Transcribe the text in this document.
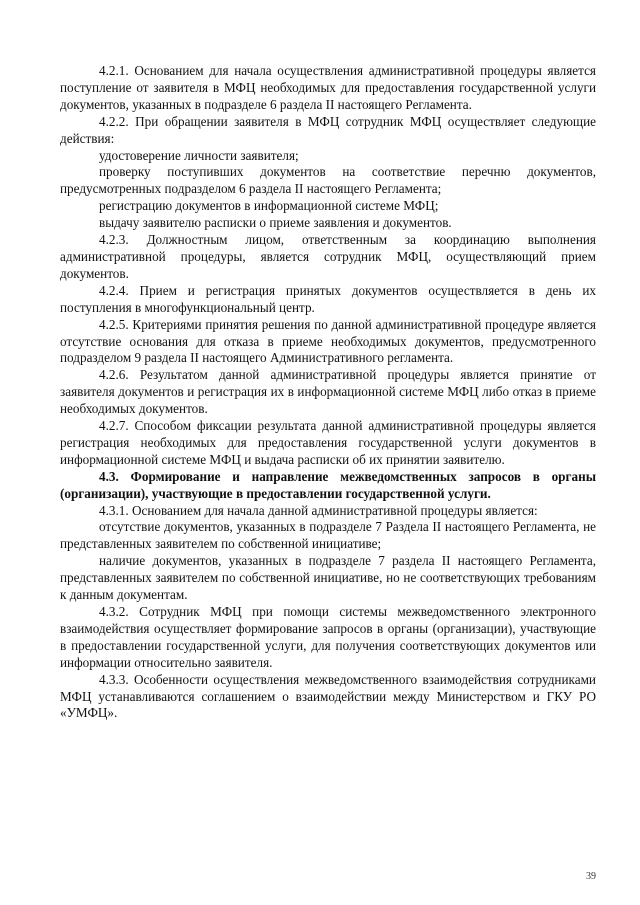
4.2.1. Основанием для начала осуществления административной процедуры является поступление от заявителя в МФЦ необходимых для предоставления государственной услуги документов, указанных в подразделе 6 раздела II настоящего Регламента.

4.2.2. При обращении заявителя в МФЦ сотрудник МФЦ осуществляет следующие действия:

удостоверение личности заявителя;

проверку поступивших документов на соответствие перечню документов, предусмотренных подразделом 6 раздела II настоящего Регламента;

регистрацию документов в информационной системе МФЦ;

выдачу заявителю расписки о приеме заявления и документов.

4.2.3. Должностным лицом, ответственным за координацию выполнения административной процедуры, является сотрудник МФЦ, осуществляющий прием документов.

4.2.4. Прием и регистрация принятых документов осуществляется в день их поступления в многофункциональный центр.

4.2.5. Критериями принятия решения по данной административной процедуре является отсутствие основания для отказа в приеме необходимых документов, предусмотренного подразделом 9 раздела II настоящего Административного регламента.

4.2.6. Результатом данной административной процедуры является принятие от заявителя документов и регистрация их в информационной системе МФЦ либо отказ в приеме необходимых документов.

4.2.7. Способом фиксации результата данной административной процедуры является регистрация необходимых для предоставления государственной услуги документов в информационной системе МФЦ и выдача расписки об их принятии заявителю.

4.3. Формирование и направление межведомственных запросов в органы (организации), участвующие в предоставлении государственной услуги.

4.3.1. Основанием для начала данной административной процедуры является:

отсутствие документов, указанных в подразделе 7 Раздела II настоящего Регламента, не представленных заявителем по собственной инициативе;

наличие документов, указанных в подразделе 7 раздела II настоящего Регламента, представленных заявителем по собственной инициативе, но не соответствующих требованиям к данным документам.

4.3.2. Сотрудник МФЦ при помощи системы межведомственного электронного взаимодействия осуществляет формирование запросов в органы (организации), участвующие в предоставлении государственной услуги, для получения соответствующих документов или информации относительно заявителя.

4.3.3. Особенности осуществления межведомственного взаимодействия сотрудниками МФЦ устанавливаются соглашением о взаимодействии между Министерством и ГКУ РО «УМФЦ».

39
